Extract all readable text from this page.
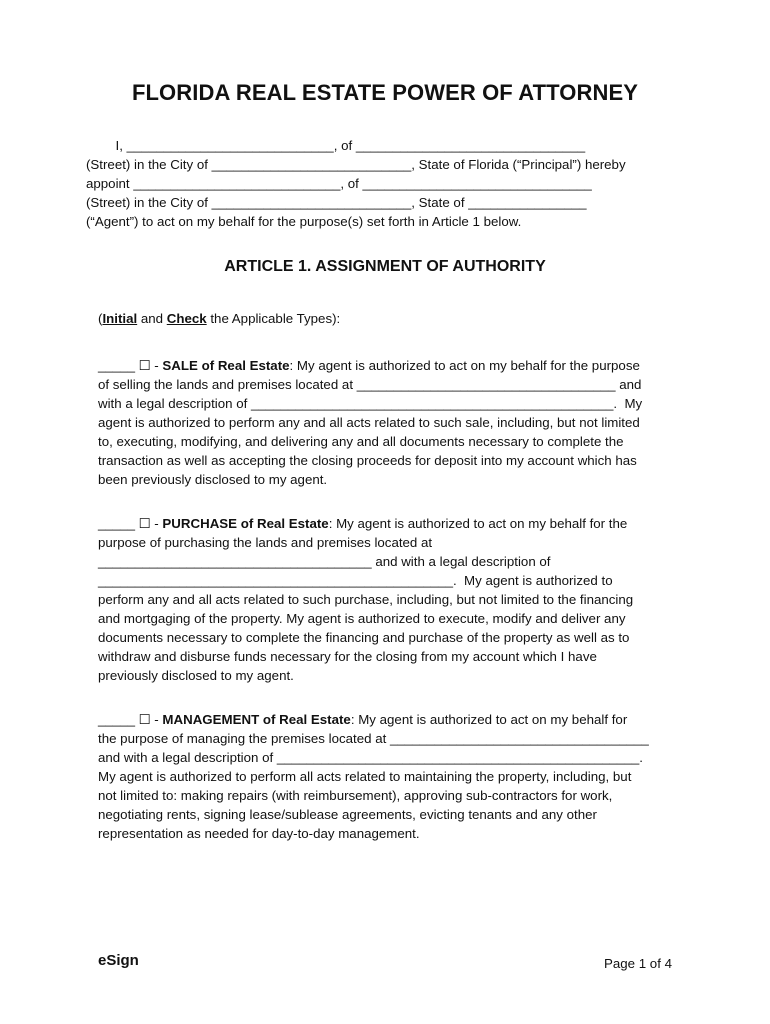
FLORIDA REAL ESTATE POWER OF ATTORNEY

I, ____________________________, of _______________________________

(Street) in the City of ___________________________, State of Florida (“Principal”) hereby

appoint ____________________________, of _______________________________

(Street) in the City of ___________________________, State of ________________

(“Agent”) to act on my behalf for the purpose(s) set forth in Article 1 below.

ARTICLE 1. ASSIGNMENT OF AUTHORITY

(Initial and Check the Applicable Types):

_____ ☐ - SALE of Real Estate: My agent is authorized to act on my behalf for the purpose

of selling the lands and premises located at ___________________________________ and

with a legal description of _________________________________________________.  My

agent is authorized to perform any and all acts related to such sale, including, but not limited

to, executing, modifying, and delivering any and all documents necessary to complete the

transaction as well as accepting the closing proceeds for deposit into my account which has

been previously disclosed to my agent.

_____ ☐ - PURCHASE of Real Estate: My agent is authorized to act on my behalf for the

purpose of purchasing the lands and premises located at

_____________________________________ and with a legal description of

________________________________________________.  My agent is authorized to

perform any and all acts related to such purchase, including, but not limited to the financing

and mortgaging of the property. My agent is authorized to execute, modify and deliver any

documents necessary to complete the financing and purchase of the property as well as to

withdraw and disburse funds necessary for the closing from my account which I have

previously disclosed to my agent.

_____ ☐ - MANAGEMENT of Real Estate: My agent is authorized to act on my behalf for

the purpose of managing the premises located at ___________________________________

and with a legal description of _________________________________________________.

My agent is authorized to perform all acts related to maintaining the property, including, but

not limited to: making repairs (with reimbursement), approving sub-contractors for work,

negotiating rents, signing lease/sublease agreements, evicting tenants and any other

representation as needed for day-to-day management.

eSign	Page 1 of 4
